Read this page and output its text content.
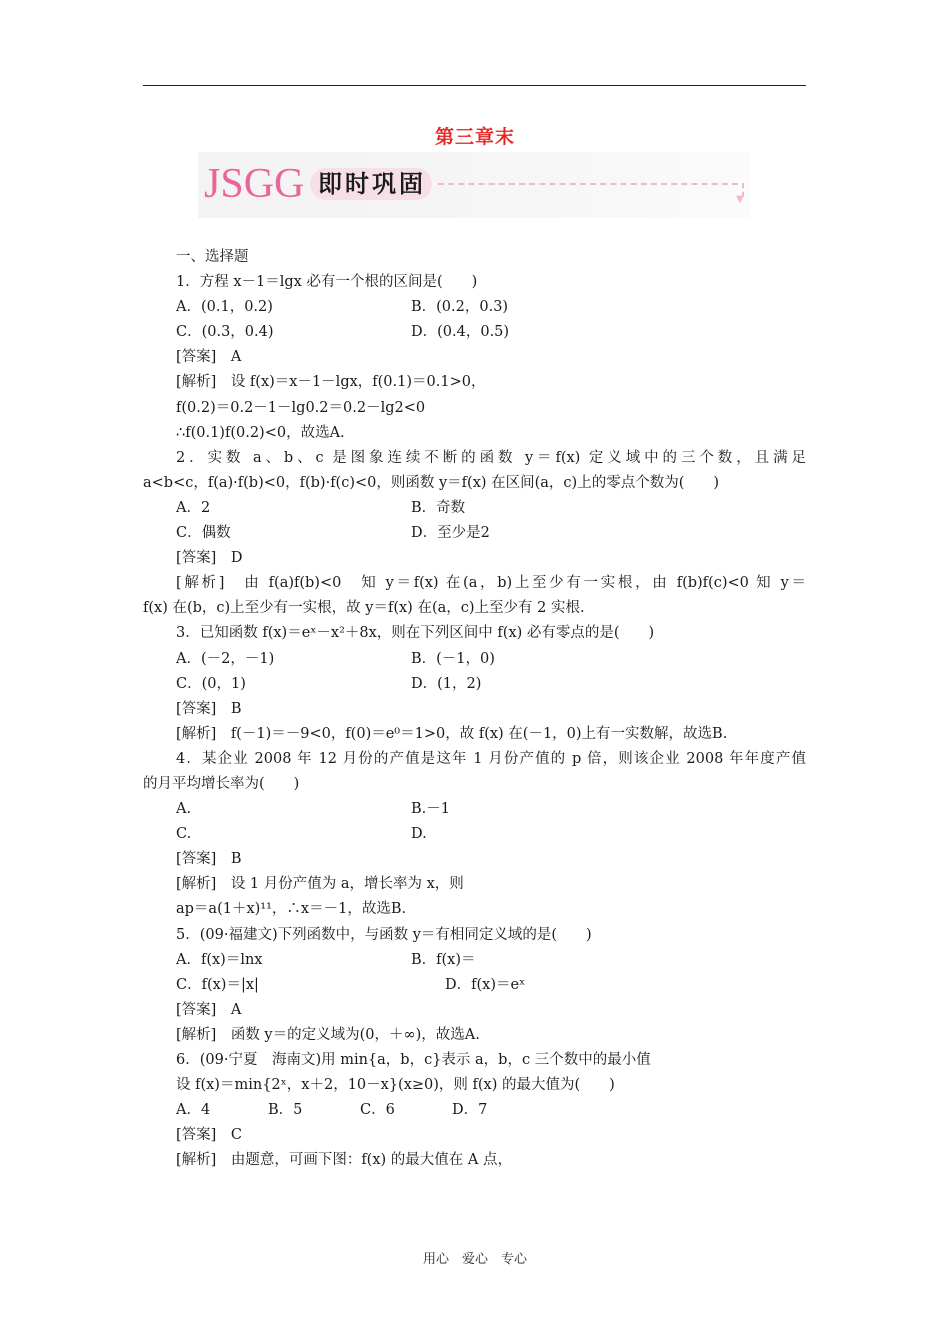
第三章末
JSGG 即时巩固
▼
一、选择题
1．方程 x－1＝lgx 必有一个根的区间是(　　)
A．(0.1，0.2)	B．(0.2，0.3)
C．(0.3，0.4)	D．(0.4，0.5)
[答案]　A
[解析]　设 f(x)＝x－1－lgx，f(0.1)＝0.1>0，
f(0.2)＝0.2－1－lg0.2＝0.2－lg2<0
∴f(0.1)f(0.2)<0，故选A.
2．实数 a、b、c 是图象连续不断的函数 y＝f(x) 定义域中的三个数，且满足
a<b<c，f(a)·f(b)<0，f(b)·f(c)<0，则函数 y＝f(x) 在区间(a，c)上的零点个数为(　　)
A．2	B．奇数
C．偶数	D．至少是2
[答案]　D
[解析]　由 f(a)f(b)<0　知 y＝f(x) 在(a，b)上至少有一实根，由 f(b)f(c)<0 知 y＝
f(x) 在(b，c)上至少有一实根，故 y＝f(x) 在(a，c)上至少有 2 实根.
3．已知函数 f(x)＝eˣ－x²＋8x，则在下列区间中 f(x) 必有零点的是(　　)
A．(－2，－1)	B．(－1，0)
C．(0，1)	D．(1，2)
[答案]　B
[解析]　f(－1)＝－9<0，f(0)＝e⁰＝1>0，故 f(x) 在(－1，0)上有一实数解，故选B.
4．某企业 2008 年 12 月份的产值是这年 1 月份产值的 p 倍，则该企业 2008 年年度产值
的月平均增长率为(　　)
A.	B.－1
C.	D.
[答案]　B
[解析]　设 1 月份产值为 a，增长率为 x，则
ap＝a(1＋x)¹¹，∴x＝－1，故选B.
5．(09·福建文)下列函数中，与函数 y＝有相同定义域的是(　　)
A．f(x)＝lnx	B．f(x)＝
C．f(x)＝|x|	D．f(x)＝eˣ
[答案]　A
[解析]　函数 y＝的定义域为(0，＋∞)，故选A.
6．(09·宁夏　海南文)用 min{a，b，c}表示 a，b，c 三个数中的最小值
设 f(x)＝min{2ˣ，x＋2，10－x}(x≥0)，则 f(x) 的最大值为(　　)
A．4	B．5	C．6	D．7
[答案]　C
[解析]　由题意，可画下图：f(x) 的最大值在 A 点，
用心　爱心　专心
